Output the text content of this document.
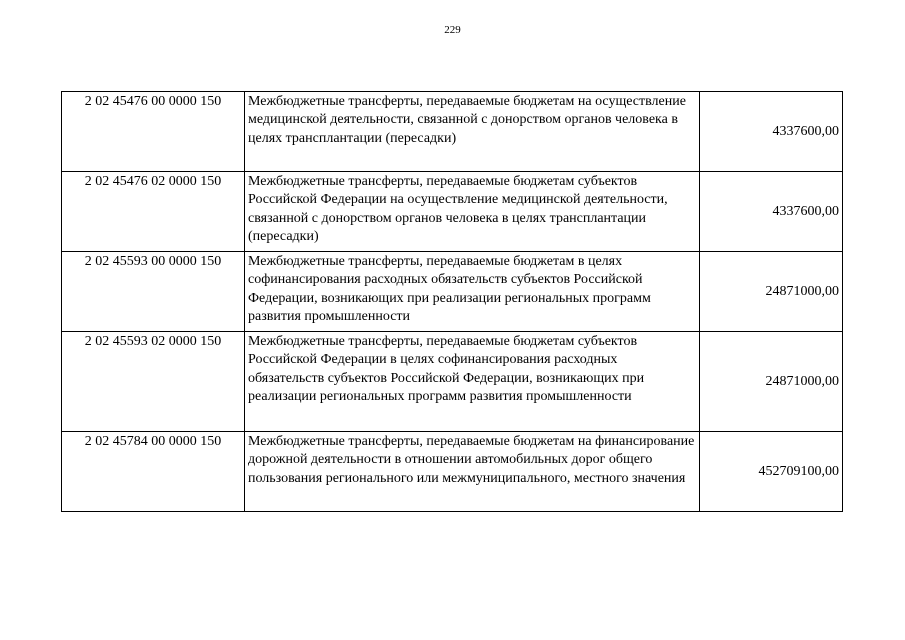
229
2 02 45476 00 0000 150	Межбюджетные трансферты, передаваемые бюджетам на осуществление медицинской деятельности, связанной с донорством органов человека в целях трансплантации (пересадки)	4337600,00
2 02 45476 02 0000 150	Межбюджетные трансферты, передаваемые бюджетам субъектов Российской Федерации на осуществление медицинской деятельности, связанной с донорством органов человека в целях трансплантации (пересадки)	4337600,00
2 02 45593 00 0000 150	Межбюджетные трансферты, передаваемые бюджетам в целях софинансирования расходных обязательств субъектов Российской Федерации, возникающих при реализации региональных программ развития промышленности	24871000,00
2 02 45593 02 0000 150	Межбюджетные трансферты, передаваемые бюджетам субъектов Российской Федерации в целях софинансирования расходных обязательств субъектов Российской Федерации, возникающих при реализации региональных программ развития промышленности	24871000,00
2 02 45784 00 0000 150	Межбюджетные трансферты, передаваемые бюджетам на финансирование дорожной деятельности в отношении автомобильных дорог общего пользования регионального или межмуниципального, местного значения	452709100,00
